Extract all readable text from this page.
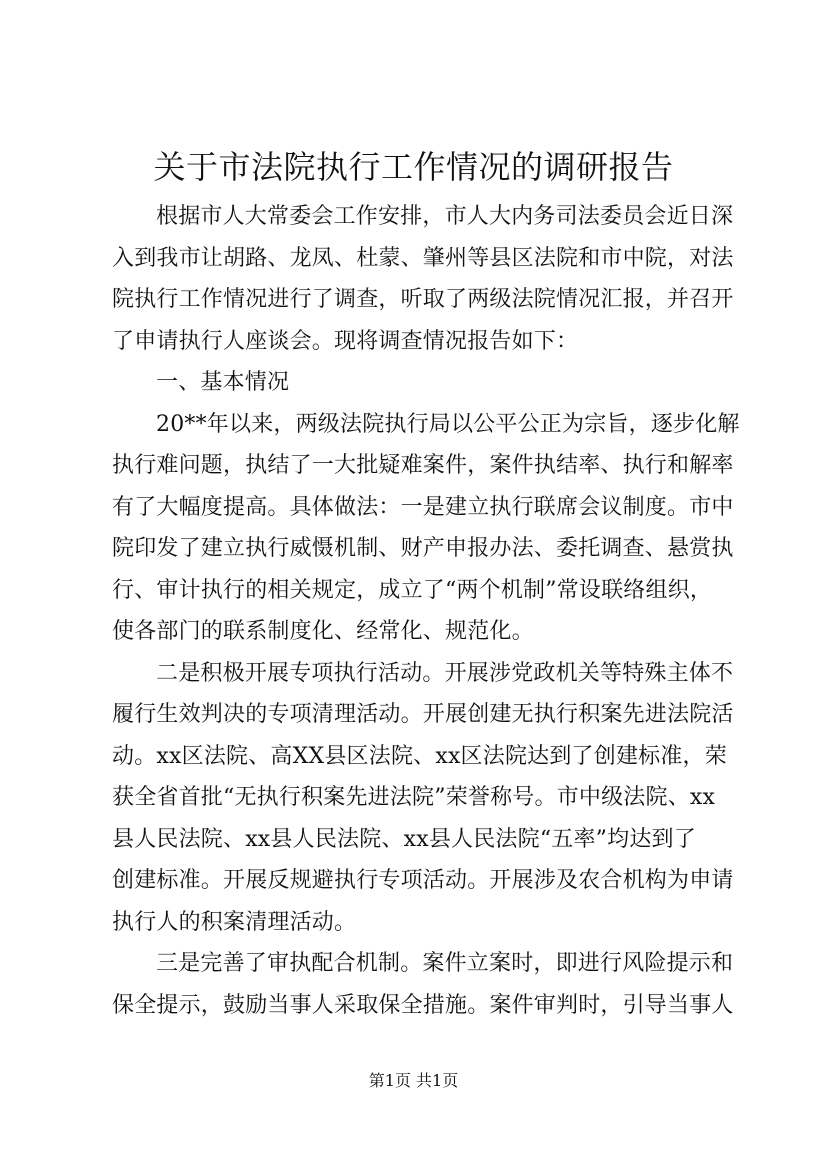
关于市法院执行工作情况的调研报告
根据市人大常委会工作安排，市人大内务司法委员会近日深
入到我市让胡路、龙凤、杜蒙、肇州等县区法院和市中院，对法
院执行工作情况进行了调查，听取了两级法院情况汇报，并召开
了申请执行人座谈会。现将调查情况报告如下：
一、基本情况
20**年以来，两级法院执行局以公平公正为宗旨，逐步化解
执行难问题，执结了一大批疑难案件，案件执结率、执行和解率
有了大幅度提高。具体做法：一是建立执行联席会议制度。市中
院印发了建立执行威慑机制、财产申报办法、委托调查、悬赏执
行、审计执行的相关规定，成立了“两个机制”常设联络组织，
使各部门的联系制度化、经常化、规范化。
二是积极开展专项执行活动。开展涉党政机关等特殊主体不
履行生效判决的专项清理活动。开展创建无执行积案先进法院活
动。xx区法院、高XX县区法院、xx区法院达到了创建标准，荣
获全省首批“无执行积案先进法院”荣誉称号。市中级法院、xx
县人民法院、xx县人民法院、xx县人民法院“五率”均达到了
创建标准。开展反规避执行专项活动。开展涉及农合机构为申请
执行人的积案清理活动。
三是完善了审执配合机制。案件立案时，即进行风险提示和
保全提示，鼓励当事人采取保全措施。案件审判时，引导当事人
第1页 共1页
